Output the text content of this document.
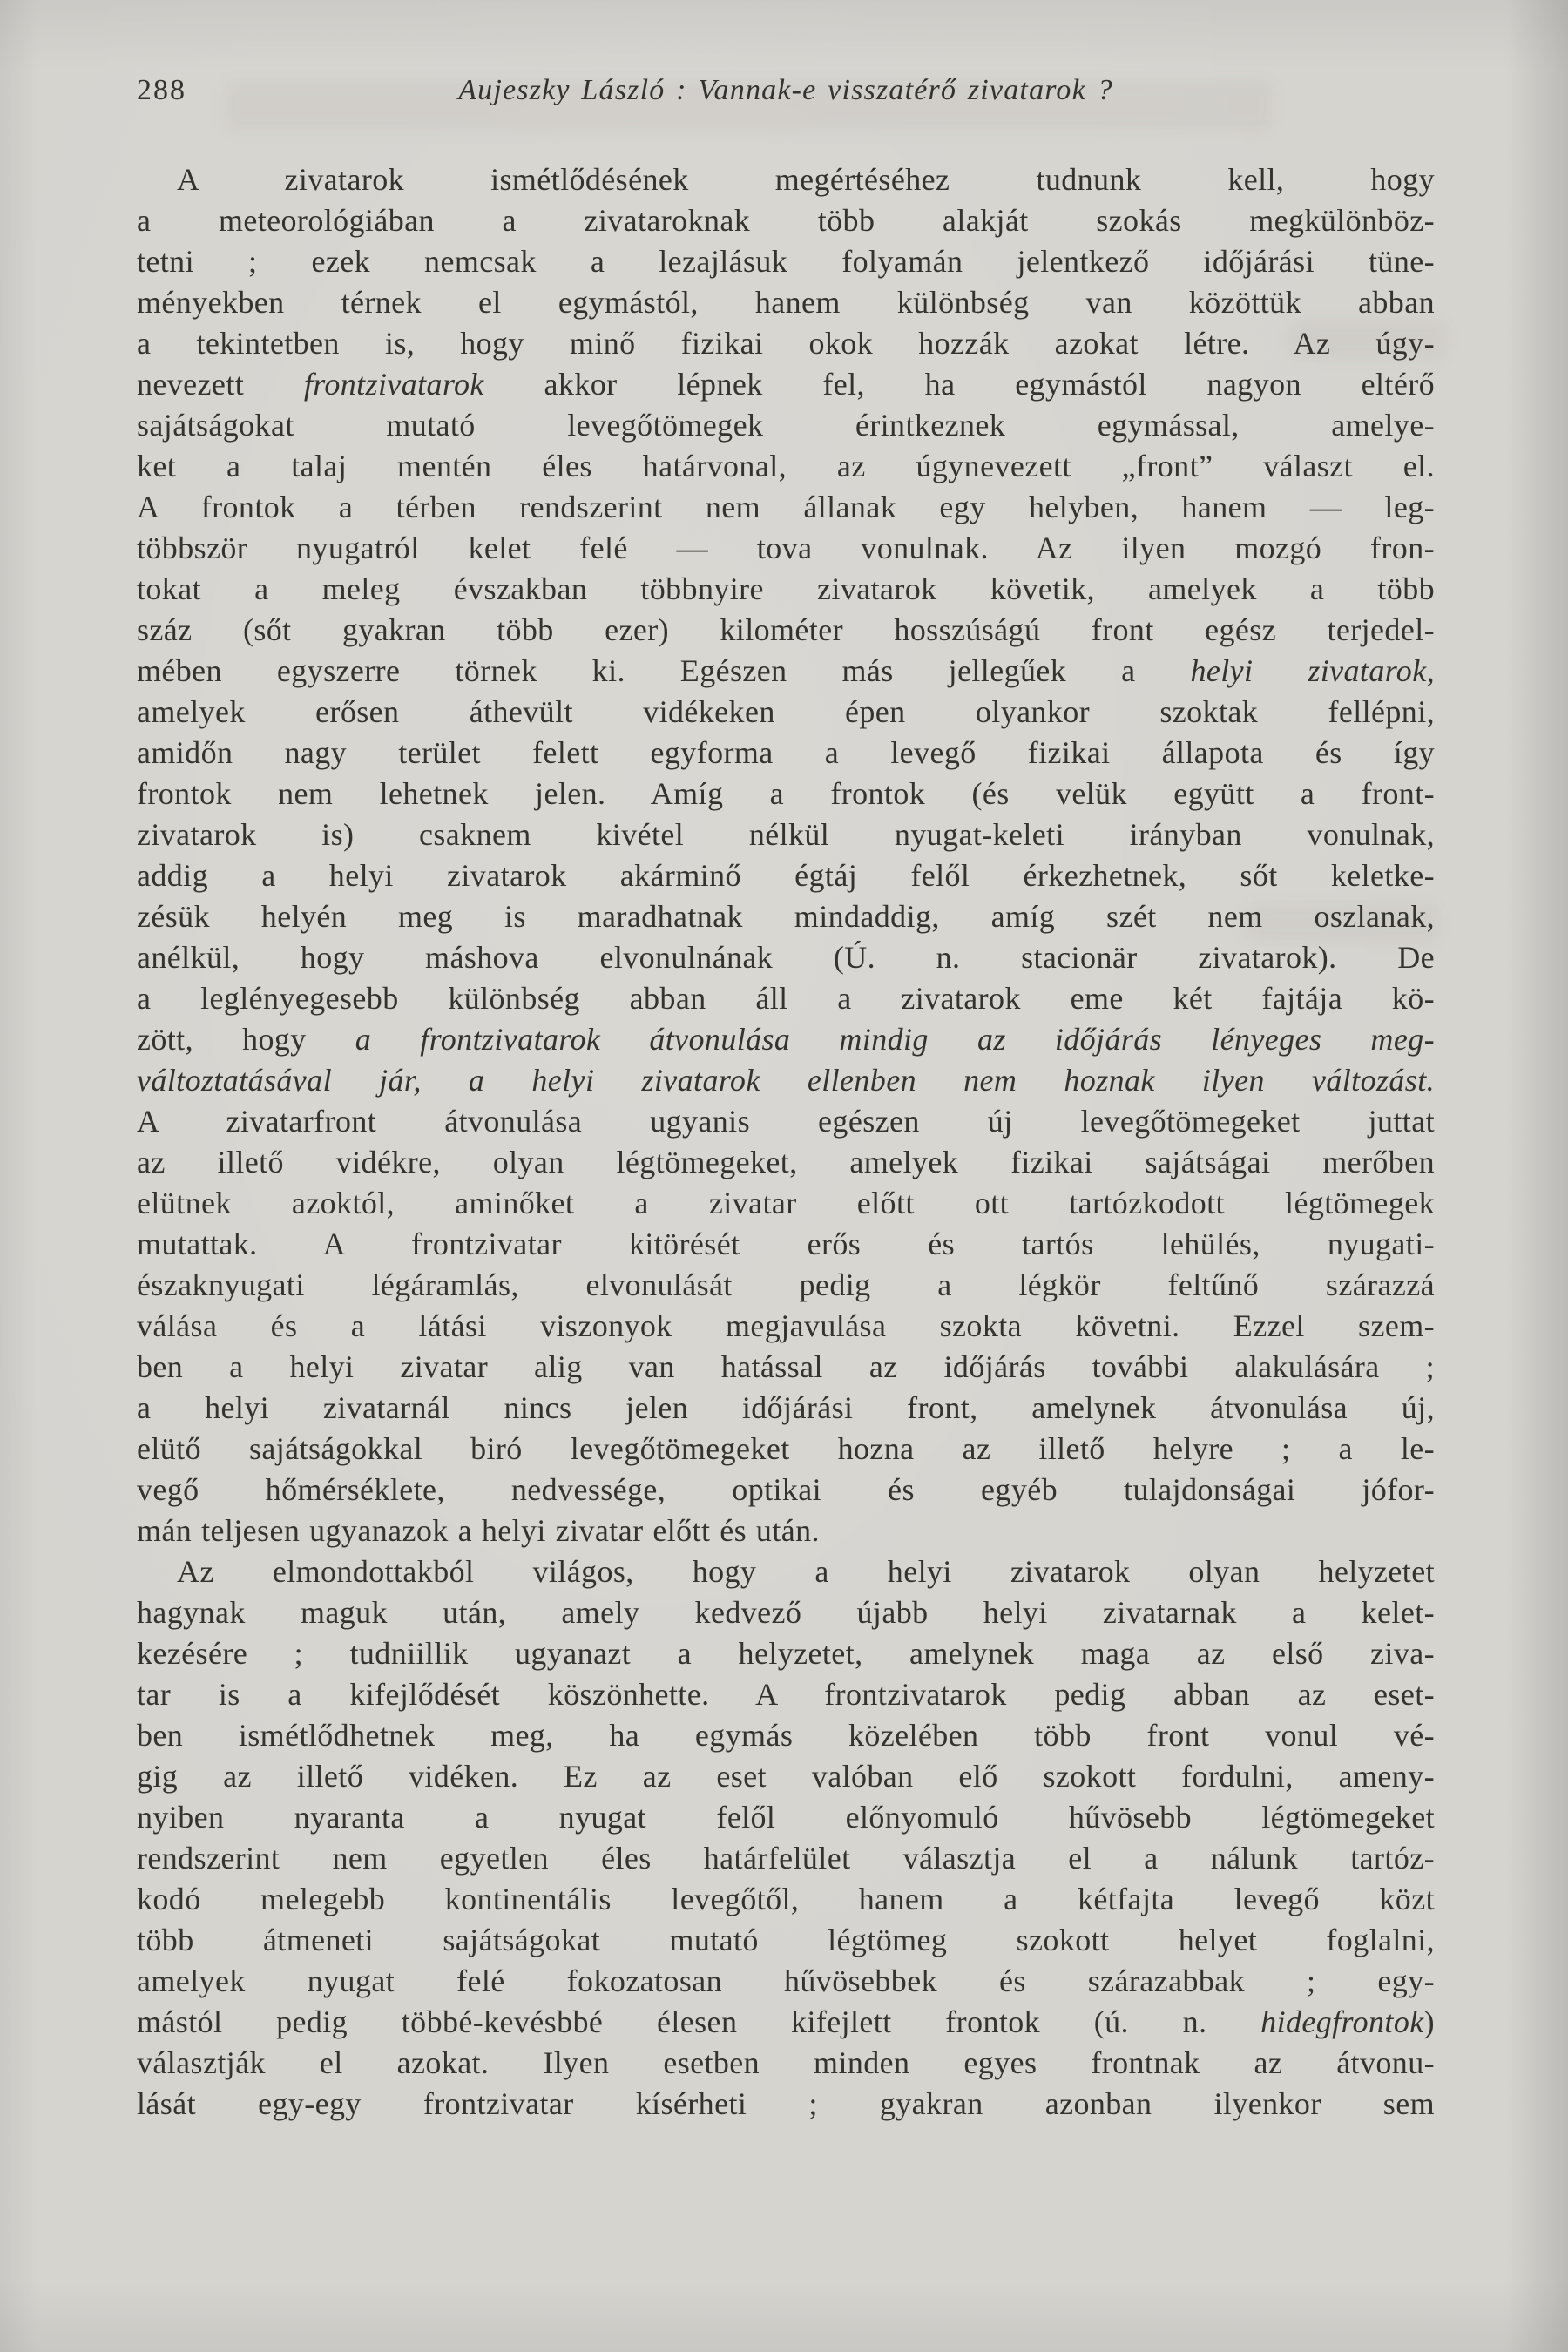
288	Aujeszky László : Vannak-e visszatérő zivatarok ?
A zivatarok ismétlődésének megértéséhez tudnunk kell, hogy
a meteorológiában a zivataroknak több alakját szokás megkülönböz-
tetni ; ezek nemcsak a lezajlásuk folyamán jelentkező időjárási tüne-
ményekben térnek el egymástól, hanem különbség van közöttük abban
a tekintetben is, hogy minő fizikai okok hozzák azokat létre. Az úgy-
nevezett frontzivatarok akkor lépnek fel, ha egymástól nagyon eltérő
sajátságokat mutató levegőtömegek érintkeznek egymással, amelye-
ket a talaj mentén éles határvonal, az úgynevezett „front” választ el.
A frontok a térben rendszerint nem állanak egy helyben, hanem — leg-
többször nyugatról kelet felé — tova vonulnak. Az ilyen mozgó fron-
tokat a meleg évszakban többnyire zivatarok követik, amelyek a több
száz (sőt gyakran több ezer) kilométer hosszúságú front egész terjedel-
mében egyszerre törnek ki. Egészen más jellegűek a helyi zivatarok,
amelyek erősen áthevült vidékeken épen olyankor szoktak fellépni,
amidőn nagy terület felett egyforma a levegő fizikai állapota és így
frontok nem lehetnek jelen. Amíg a frontok (és velük együtt a front-
zivatarok is) csaknem kivétel nélkül nyugat-keleti irányban vonulnak,
addig a helyi zivatarok akárminő égtáj felől érkezhetnek, sőt keletke-
zésük helyén meg is maradhatnak mindaddig, amíg szét nem oszlanak,
anélkül, hogy máshova elvonulnának (Ú. n. stacionär zivatarok). De
a leglényegesebb különbség abban áll a zivatarok eme két fajtája kö-
zött, hogy a frontzivatarok átvonulása mindig az időjárás lényeges meg-
változtatásával jár, a helyi zivatarok ellenben nem hoznak ilyen változást.
A zivatarfront átvonulása ugyanis egészen új levegőtömegeket juttat
az illető vidékre, olyan légtömegeket, amelyek fizikai sajátságai merőben
elütnek azoktól, aminőket a zivatar előtt ott tartózkodott légtömegek
mutattak. A frontzivatar kitörését erős és tartós lehülés, nyugati-
északnyugati légáramlás, elvonulását pedig a légkör feltűnő szárazzá
válása és a látási viszonyok megjavulása szokta követni. Ezzel szem-
ben a helyi zivatar alig van hatással az időjárás további alakulására ;
a helyi zivatarnál nincs jelen időjárási front, amelynek átvonulása új,
elütő sajátságokkal biró levegőtömegeket hozna az illető helyre ; a le-
vegő hőmérséklete, nedvessége, optikai és egyéb tulajdonságai jófor-
mán teljesen ugyanazok a helyi zivatar előtt és után.
Az elmondottakból világos, hogy a helyi zivatarok olyan helyzetet
hagynak maguk után, amely kedvező újabb helyi zivatarnak a kelet-
kezésére ; tudniillik ugyanazt a helyzetet, amelynek maga az első ziva-
tar is a kifejlődését köszönhette. A frontzivatarok pedig abban az eset-
ben ismétlődhetnek meg, ha egymás közelében több front vonul vé-
gig az illető vidéken. Ez az eset valóban elő szokott fordulni, ameny-
nyiben nyaranta a nyugat felől előnyomuló hűvösebb légtömegeket
rendszerint nem egyetlen éles határfelület választja el a nálunk tartóz-
kodó melegebb kontinentális levegőtől, hanem a kétfajta levegő közt
több átmeneti sajátságokat mutató légtömeg szokott helyet foglalni,
amelyek nyugat felé fokozatosan hűvösebbek és szárazabbak ; egy-
mástól pedig többé-kevésbbé élesen kifejlett frontok (ú. n. hidegfrontok)
választják el azokat. Ilyen esetben minden egyes frontnak az átvonu-
lását egy-egy frontzivatar kísérheti ; gyakran azonban ilyenkor sem
